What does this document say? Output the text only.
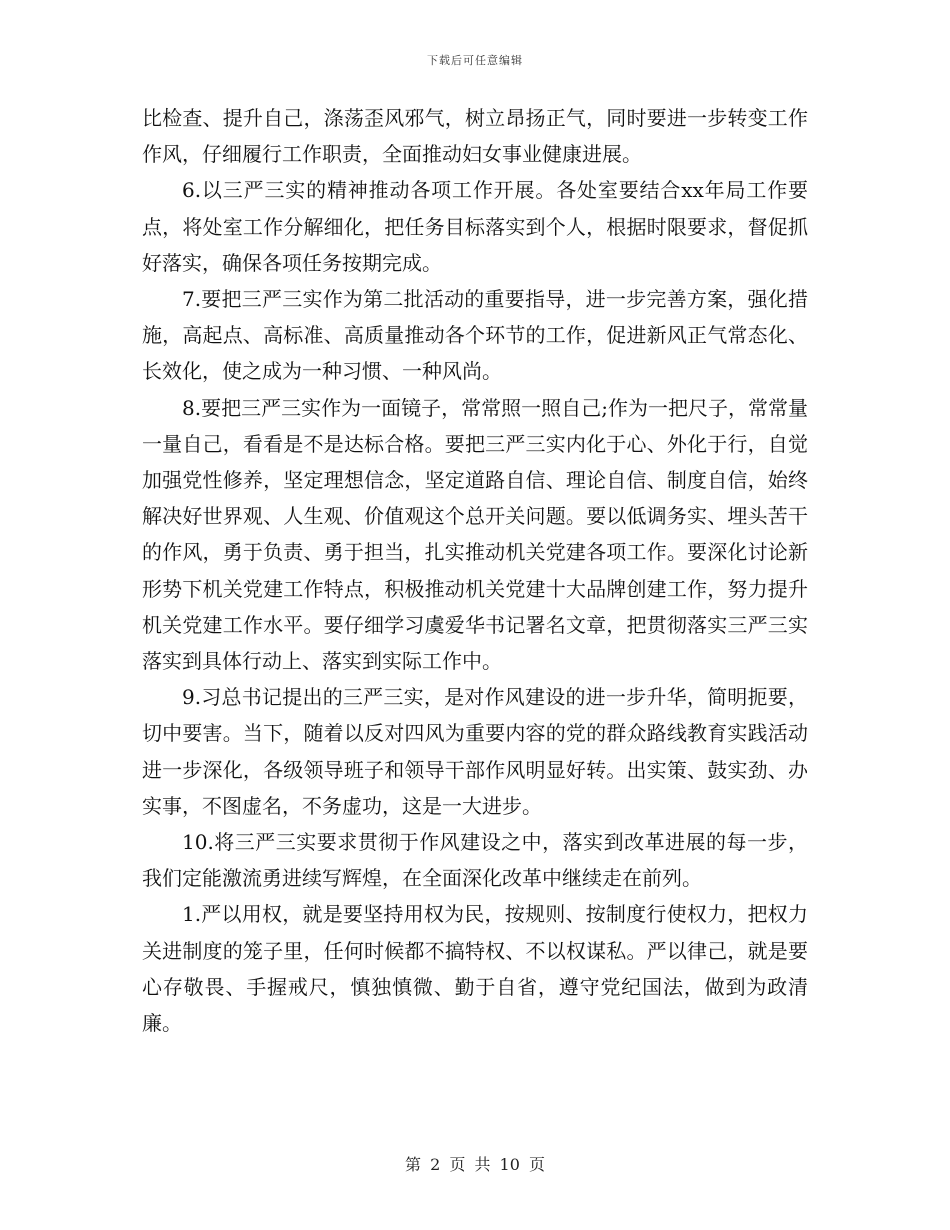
下载后可任意编辑

比检查、提升自己，涤荡歪风邪气，树立昂扬正气，同时要进一步转变工作作风，仔细履行工作职责，全面推动妇女事业健康进展。

6.以三严三实的精神推动各项工作开展。各处室要结合xx年局工作要点，将处室工作分解细化，把任务目标落实到个人，根据时限要求，督促抓好落实，确保各项任务按期完成。

7.要把三严三实作为第二批活动的重要指导，进一步完善方案，强化措施，高起点、高标准、高质量推动各个环节的工作，促进新风正气常态化、长效化，使之成为一种习惯、一种风尚。

8.要把三严三实作为一面镜子，常常照一照自己;作为一把尺子，常常量一量自己，看看是不是达标合格。要把三严三实内化于心、外化于行，自觉加强党性修养，坚定理想信念，坚定道路自信、理论自信、制度自信，始终解决好世界观、人生观、价值观这个总开关问题。要以低调务实、埋头苦干的作风，勇于负责、勇于担当，扎实推动机关党建各项工作。要深化讨论新形势下机关党建工作特点，积极推动机关党建十大品牌创建工作，努力提升机关党建工作水平。要仔细学习虞爱华书记署名文章，把贯彻落实三严三实落实到具体行动上、落实到实际工作中。

9.习总书记提出的三严三实，是对作风建设的进一步升华，简明扼要，切中要害。当下，随着以反对四风为重要内容的党的群众路线教育实践活动进一步深化，各级领导班子和领导干部作风明显好转。出实策、鼓实劲、办实事，不图虚名，不务虚功，这是一大进步。

10.将三严三实要求贯彻于作风建设之中，落实到改革进展的每一步，我们定能激流勇进续写辉煌，在全面深化改革中继续走在前列。

1.严以用权，就是要坚持用权为民，按规则、按制度行使权力，把权力关进制度的笼子里，任何时候都不搞特权、不以权谋私。严以律己，就是要心存敬畏、手握戒尺，慎独慎微、勤于自省，遵守党纪国法，做到为政清廉。

第 2 页 共 10 页
